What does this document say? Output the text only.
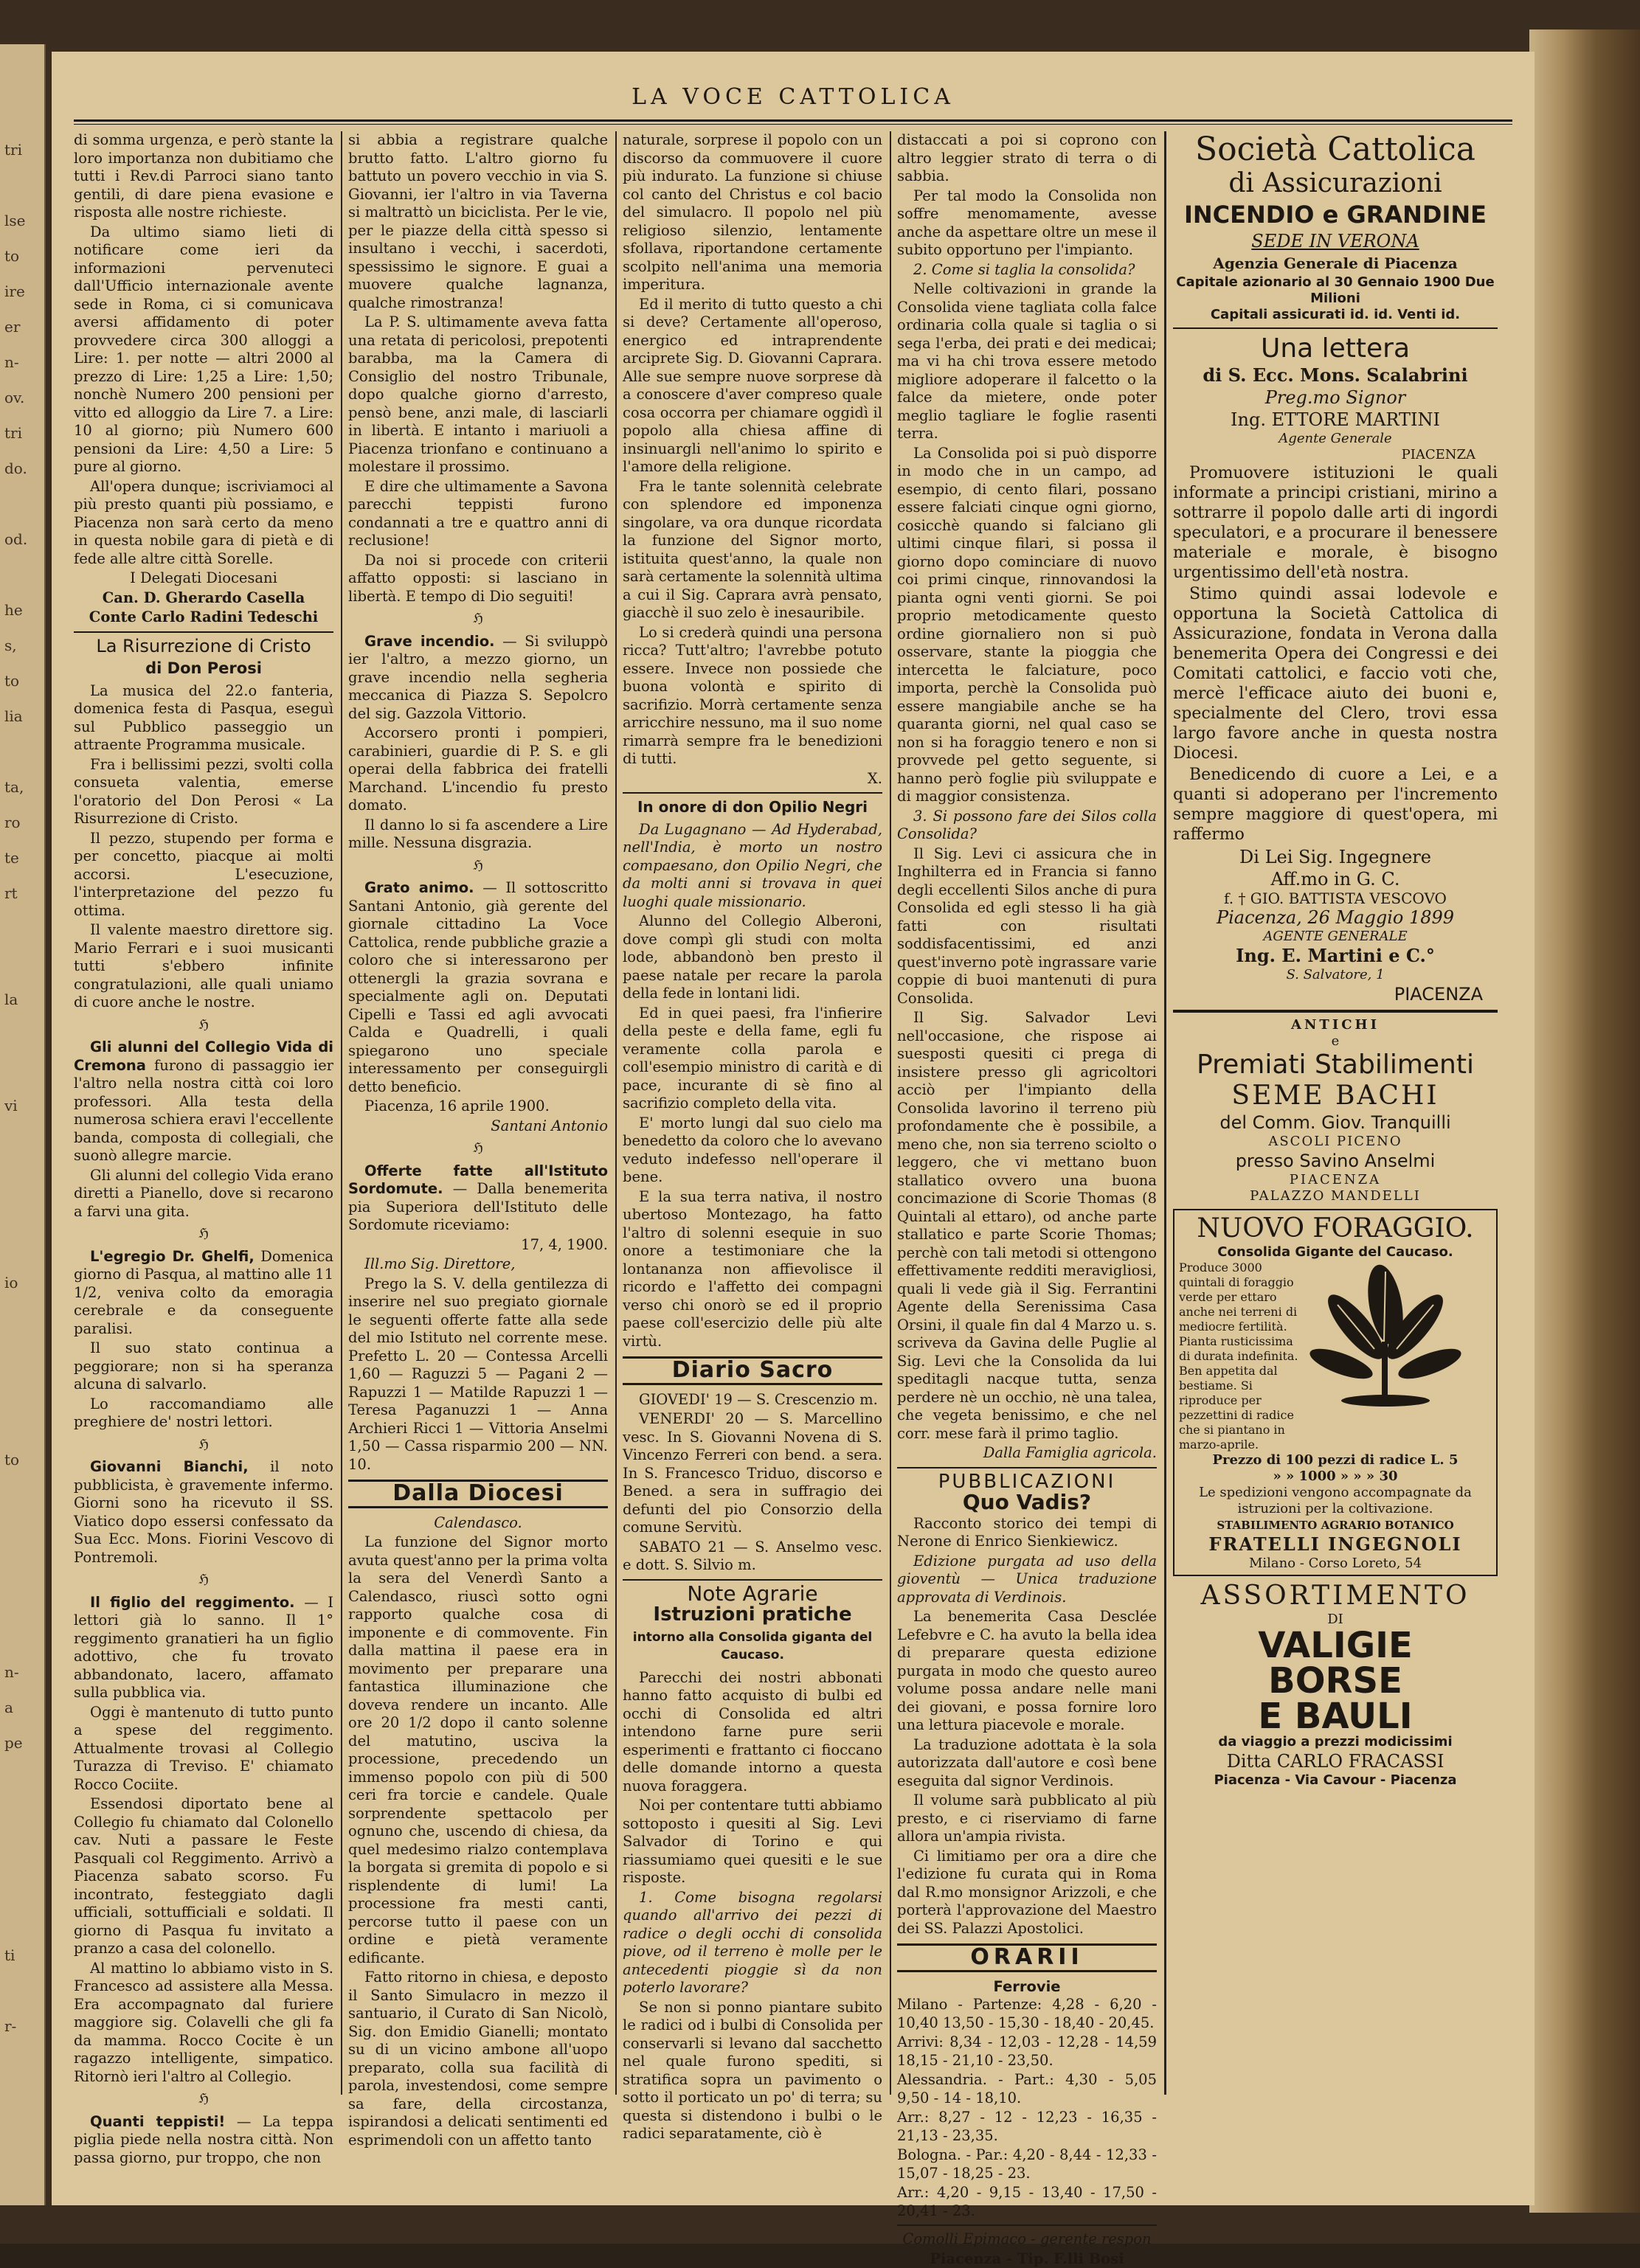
tri
lse
to
ire
er
n-
ov.
tri
do.
od.
he
s,
to
lia
ta,
ro
te
rt
la
vi
io
to
n-
a
pe
ti
r-
LA VOCE CATTOLICA

di somma urgenza, e però stante la loro importanza non dubitiamo che tutti i Rev.di Parroci siano tanto gentili, di dare piena evasione e risposta alle nostre richieste.

Da ultimo siamo lieti di notificare come ieri da informazioni pervenuteci dall'Ufficio internazionale avente sede in Roma, ci si comunicava aversi affidamento di poter provvedere circa 300 alloggi a Lire: 1. per notte — altri 2000 al prezzo di Lire: 1,25 a Lire: 1,50; nonchè Numero 200 pensioni per vitto ed alloggio da Lire 7. a Lire: 10 al giorno; più Numero 600 pensioni da Lire: 4,50 a Lire: 5 pure al giorno.

All'opera dunque; iscriviamoci al più presto quanti più possiamo, e Piacenza non sarà certo da meno in questa nobile gara di pietà e di fede alle altre città Sorelle.

I Delegati Diocesani

Can. D. Gherardo Casella

Conte Carlo Radini Tedeschi

La Risurrezione di Cristo
di Don Perosi

La musica del 22.o fanteria, domenica festa di Pasqua, eseguì sul Pubblico passeggio un attraente Programma musicale.

Fra i bellissimi pezzi, svolti colla consueta valentia, emerse l'oratorio del Don Perosi « La Risurrezione di Cristo.

Il pezzo, stupendo per forma e per concetto, piacque ai molti accorsi. L'esecuzione, l'interpretazione del pezzo fu ottima.

Il valente maestro direttore sig. Mario Ferrari e i suoi musicanti tutti s'ebbero infinite congratulazioni, alle quali uniamo di cuore anche le nostre.

ℌ

Gli alunni del Collegio Vida di Cremona furono di passaggio ier l'altro nella nostra città coi loro professori. Alla testa della numerosa schiera eravi l'eccellente banda, composta di collegiali, che suonò allegre marcie.

Gli alunni del collegio Vida erano diretti a Pianello, dove si recarono a farvi una gita.

ℌ

L'egregio Dr. Ghelfi, Domenica giorno di Pasqua, al mattino alle 11 1/2, veniva colto da emoragia cerebrale e da conseguente paralisi.

Il suo stato continua a peggiorare; non si ha speranza alcuna di salvarlo.

Lo raccomandiamo alle preghiere de' nostri lettori.

ℌ

Giovanni Bianchi, il noto pubblicista, è gravemente infermo. Giorni sono ha ricevuto il SS. Viatico dopo essersi confessato da Sua Ecc. Mons. Fiorini Vescovo di Pontremoli.

ℌ

Il figlio del reggimento. — I lettori già lo sanno. Il 1° reggimento granatieri ha un figlio adottivo, che fu trovato abbandonato, lacero, affamato sulla pubblica via.

Oggi è mantenuto di tutto punto a spese del reggimento. Attualmente trovasi al Collegio Turazza di Treviso. E' chiamato Rocco Cociite.

Essendosi diportato bene al Collegio fu chiamato dal Colonello cav. Nuti a passare le Feste Pasquali col Reggimento. Arrivò a Piacenza sabato scorso. Fu incontrato, festeggiato dagli ufficiali, sottufficiali e soldati. Il giorno di Pasqua fu invitato a pranzo a casa del colonello.

Al mattino lo abbiamo visto in S. Francesco ad assistere alla Messa. Era accompagnato dal furiere maggiore sig. Colavelli che gli fa da mamma. Rocco Cocite è un ragazzo intelligente, simpatico. Ritornò ieri l'altro al Collegio.

ℌ

Quanti teppisti! — La teppa piglia piede nella nostra città. Non passa giorno, pur troppo, che non

si abbia a registrare qualche brutto fatto. L'altro giorno fu battuto un povero vecchio in via S. Giovanni, ier l'altro in via Taverna si maltrattò un biciclista. Per le vie, per le piazze della città spesso si insultano i vecchi, i sacerdoti, spessissimo le signore. E guai a muovere qualche lagnanza, qualche rimostranza!

La P. S. ultimamente aveva fatta una retata di pericolosi, prepotenti barabba, ma la Camera di Consiglio del nostro Tribunale, dopo qualche giorno d'arresto, pensò bene, anzi male, di lasciarli in libertà. E intanto i mariuoli a Piacenza trionfano e continuano a molestare il prossimo.

E dire che ultimamente a Savona parecchi teppisti furono condannati a tre e quattro anni di reclusione!

Da noi si procede con criterii affatto opposti: si lasciano in libertà. E tempo di Dio seguiti!

ℌ

Grave incendio. — Si sviluppò ier l'altro, a mezzo giorno, un grave incendio nella segheria meccanica di Piazza S. Sepolcro del sig. Gazzola Vittorio.

Accorsero pronti i pompieri, carabinieri, guardie di P. S. e gli operai della fabbrica dei fratelli Marchand. L'incendio fu presto domato.

Il danno lo si fa ascendere a Lire mille. Nessuna disgrazia.

ℌ

Grato animo. — Il sottoscritto Santani Antonio, già gerente del giornale cittadino La Voce Cattolica, rende pubbliche grazie a coloro che si interessarono per ottenergli la grazia sovrana e specialmente agli on. Deputati Cipelli e Tassi ed agli avvocati Calda e Quadrelli, i quali spiegarono uno speciale interessamento per conseguirgli detto beneficio.

Piacenza, 16 aprile 1900.

Santani Antonio

ℌ

Offerte fatte all'Istituto Sordomute. — Dalla benemerita pia Superiora dell'Istituto delle Sordomute riceviamo:

17, 4, 1900.

Ill.mo Sig. Direttore,

Prego la S. V. della gentilezza di inserire nel suo pregiato giornale le seguenti offerte fatte alla sede del mio Istituto nel corrente mese. Prefetto L. 20 — Contessa Arcelli 1,60 — Raguzzi 5 — Pagani 2 — Rapuzzi 1 — Matilde Rapuzzi 1 — Teresa Paganuzzi 1 — Anna Archieri Ricci 1 — Vittoria Anselmi 1,50 — Cassa risparmio 200 — NN. 10.

Dalla Diocesi

Calendasco.

La funzione del Signor morto avuta quest'anno per la prima volta la sera del Venerdì Santo a Calendasco, riuscì sotto ogni rapporto qualche cosa di imponente e di commovente. Fin dalla mattina il paese era in movimento per preparare una fantastica illuminazione che doveva rendere un incanto. Alle ore 20 1/2 dopo il canto solenne del matutino, usciva la processione, precedendo un immenso popolo con più di 500 ceri fra torcie e candele. Quale sorprendente spettacolo per ognuno che, uscendo di chiesa, da quel medesimo rialzo contemplava la borgata si gremita di popolo e si risplendente di lumi! La processione fra mesti canti, percorse tutto il paese con un ordine e pietà veramente edificante.

Fatto ritorno in chiesa, e deposto il Santo Simulacro in mezzo il santuario, il Curato di San Nicolò, Sig. don Emidio Gianelli; montato su di un vicino ambone all'uopo preparato, colla sua facilità di parola, investendosi, come sempre sa fare, della circostanza, ispirandosi a delicati sentimenti ed esprimendoli con un affetto tanto

naturale, sorprese il popolo con un discorso da commuovere il cuore più indurato. La funzione si chiuse col canto del Christus e col bacio del simulacro. Il popolo nel più religioso silenzio, lentamente sfollava, riportandone certamente scolpito nell'anima una memoria imperitura.

Ed il merito di tutto questo a chi si deve? Certamente all'operoso, energico ed intraprendente arciprete Sig. D. Giovanni Caprara. Alle sue sempre nuove sorprese dà a conoscere d'aver compreso quale cosa occorra per chiamare oggidì il popolo alla chiesa affine di insinuargli nell'animo lo spirito e l'amore della religione.

Fra le tante solennità celebrate con splendore ed imponenza singolare, va ora dunque ricordata la funzione del Signor morto, istituita quest'anno, la quale non sarà certamente la solennità ultima a cui il Sig. Caprara avrà pensato, giacchè il suo zelo è inesauribile.

Lo si crederà quindi una persona ricca? Tutt'altro; l'avrebbe potuto essere. Invece non possiede che buona volontà e spirito di sacrifizio. Morrà certamente senza arricchire nessuno, ma il suo nome rimarrà sempre fra le benedizioni di tutti.

X.

In onore di don Opilio Negri

Da Lugagnano — Ad Hyderabad, nell'India, è morto un nostro compaesano, don Opilio Negri, che da molti anni si trovava in quei luoghi quale missionario.

Alunno del Collegio Alberoni, dove compì gli studi con molta lode, abbandonò ben presto il paese natale per recare la parola della fede in lontani lidi.

Ed in quei paesi, fra l'infierire della peste e della fame, egli fu veramente colla parola e coll'esempio ministro di carità e di pace, incurante di sè fino al sacrifizio completo della vita.

E' morto lungi dal suo cielo ma benedetto da coloro che lo avevano veduto indefesso nell'operare il bene.

E la sua terra nativa, il nostro ubertoso Montezago, ha fatto l'altro di solenni esequie in suo onore a testimoniare che la lontananza non affievolisce il ricordo e l'affetto dei compagni verso chi onorò se ed il proprio paese coll'esercizio delle più alte virtù.

Diario Sacro

GIOVEDI' 19 — S. Crescenzio m.

VENERDI' 20 — S. Marcellino vesc. In S. Giovanni Novena di S. Vincenzo Ferreri con bend. a sera. In S. Francesco Triduo, discorso e Bened. a sera in suffragio dei defunti del pio Consorzio della comune Servitù.

SABATO 21 — S. Anselmo vesc. e dott. S. Silvio m.

Note Agrarie
Istruzioni pratiche
intorno alla Consolida giganta del Caucaso.

Parecchi dei nostri abbonati hanno fatto acquisto di bulbi ed occhi di Consolida ed altri intendono farne pure serii esperimenti e frattanto ci fioccano delle domande intorno a questa nuova foraggera.

Noi per contentare tutti abbiamo sottoposto i quesiti al Sig. Levi Salvador di Torino e qui riassumiamo quei quesiti e le sue risposte.

1. Come bisogna regolarsi quando all'arrivo dei pezzi di radice o degli occhi di consolida piove, od il terreno è molle per le antecedenti pioggie sì da non poterlo lavorare?

Se non si ponno piantare subito le radici od i bulbi di Consolida per conservarli si levano dal sacchetto nel quale furono spediti, si stratifica sopra un pavimento o sotto il porticato un po' di terra; su questa si distendono i bulbi o le radici separatamente, ciò è

distaccati a poi si coprono con altro leggier strato di terra o di sabbia.

Per tal modo la Consolida non soffre menomamente, avesse anche da aspettare oltre un mese il subito opportuno per l'impianto.

2. Come si taglia la consolida?

Nelle coltivazioni in grande la Consolida viene tagliata colla falce ordinaria colla quale si taglia o si sega l'erba, dei prati e dei medicai; ma vi ha chi trova essere metodo migliore adoperare il falcetto o la falce da mietere, onde poter meglio tagliare le foglie rasenti terra.

La Consolida poi si può disporre in modo che in un campo, ad esempio, di cento filari, possano essere falciati cinque ogni giorno, cosicchè quando si falciano gli ultimi cinque filari, si possa il giorno dopo cominciare di nuovo coi primi cinque, rinnovandosi la pianta ogni venti giorni. Se poi proprio metodicamente questo ordine giornaliero non si può osservare, stante la pioggia che intercetta le falciature, poco importa, perchè la Consolida può essere mangiabile anche se ha quaranta giorni, nel qual caso se non si ha foraggio tenero e non si provvede pel getto seguente, si hanno però foglie più sviluppate e di maggior consistenza.

3. Si possono fare dei Silos colla Consolida?

Il Sig. Levi ci assicura che in Inghilterra ed in Francia si fanno degli eccellenti Silos anche di pura Consolida ed egli stesso li ha già fatti con risultati soddisfacentissimi, ed anzi quest'inverno potè ingrassare varie coppie di buoi mantenuti di pura Consolida.

Il Sig. Salvador Levi nell'occasione, che rispose ai suesposti quesiti ci prega di insistere presso gli agricoltori acciò per l'impianto della Consolida lavorino il terreno più profondamente che è possibile, a meno che, non sia terreno sciolto o leggero, che vi mettano buon stallatico ovvero una buona concimazione di Scorie Thomas (8 Quintali al ettaro), od anche parte stallatico e parte Scorie Thomas; perchè con tali metodi si ottengono effettivamente redditi meravigliosi, quali li vede già il Sig. Ferrantini Agente della Serenissima Casa Orsini, il quale fin dal 4 Marzo u. s. scriveva da Gavina delle Puglie al Sig. Levi che la Consolida da lui speditagli nacque tutta, senza perdere nè un occhio, nè una talea, che vegeta benissimo, e che nel corr. mese farà il primo taglio.

Dalla Famiglia agricola.

PUBBLICAZIONI
Quo Vadis?

Racconto storico dei tempi di Nerone di Enrico Sienkiewicz.

Edizione purgata ad uso della gioventù — Unica traduzione approvata di Verdinois.

La benemerita Casa Desclée Lefebvre e C. ha avuto la bella idea di preparare questa edizione purgata in modo che questo aureo volume possa andare nelle mani dei giovani, e possa fornire loro una lettura piacevole e morale.

La traduzione adottata è la sola autorizzata dall'autore e così bene eseguita dal signor Verdinois.

Il volume sarà pubblicato al più presto, e ci riserviamo di farne allora un'ampia rivista.

Ci limitiamo per ora a dire che l'edizione fu curata qui in Roma dal R.mo monsignor Arizzoli, e che porterà l'approvazione del Maestro dei SS. Palazzi Apostolici.

ORARII
Ferrovie

Milano - Partenze: 4,28 - 6,20 - 10,40 13,50 - 15,30 - 18,40 - 20,45.

Arrivi: 8,34 - 12,03 - 12,28 - 14,59 18,15 - 21,10 - 23,50.

Alessandria. - Part.: 4,30 - 5,05 9,50 - 14 - 18,10.

Arr.: 8,27 - 12 - 12,23 - 16,35 - 21,13 - 23,35.

Bologna. - Par.: 4,20 - 8,44 - 12,33 - 15,07 - 18,25 - 23.

Arr.: 4,20 - 9,15 - 13,40 - 17,50 - 20,41 - 23.

Comolli Epimaco - gerente respon

Piacenza - Tip. F.lli Bosi

Società Cattolica
di Assicurazioni
INCENDIO e GRANDINE
SEDE IN VERONA
Agenzia Generale di Piacenza
Capitale azionario al 30 Gennaio 1900 Due Milioni
Capitali assicurati id. id. Venti id.
Una lettera
di S. Ecc. Mons. Scalabrini
Preg.mo Signor
Ing. ETTORE MARTINI
Agente Generale
PIACENZA

Promuovere istituzioni le quali informate a principi cristiani, mirino a sottrarre il popolo dalle arti di ingordi speculatori, e a procurare il benessere materiale e morale, è bisogno urgentissimo dell'età nostra.

Stimo quindi assai lodevole e opportuna la Società Cattolica di Assicurazione, fondata in Verona dalla benemerita Opera dei Congressi e dei Comitati cattolici, e faccio voti che, mercè l'efficace aiuto dei buoni e, specialmente del Clero, trovi essa largo favore anche in questa nostra Diocesi.

Benedicendo di cuore a Lei, e a quanti si adoperano per l'incremento sempre maggiore di quest'opera, mi raffermo

Di Lei Sig. Ingegnere
Aff.mo in G. C.
f. † GIO. BATTISTA VESCOVO
Piacenza, 26 Maggio 1899
AGENTE GENERALE
Ing. E. Martini e C.°
S. Salvatore, 1
PIACENZA
ANTICHI
e
Premiati Stabilimenti
SEME BACHI
del Comm. Giov. Tranquilli
ASCOLI PICENO
presso Savino Anselmi
PIACENZA
PALAZZO MANDELLI
NUOVO FORAGGIO.
Consolida Gigante del Caucaso.
Produce 3000 quintali di foraggio verde per ettaro anche nei terreni di mediocre fertilità. Pianta rusticissima di durata indefinita. Ben appetita dal bestiame. Si riproduce per pezzettini di radice che si piantano in marzo-aprile.
Prezzo di 100 pezzi di radice L. 5
» » 1000 » » » 30
Le spedizioni vengono accompagnate da istruzioni per la coltivazione.
STABILIMENTO AGRARIO BOTANICO
FRATELLI INGEGNOLI
Milano - Corso Loreto, 54
ASSORTIMENTO
DI
VALIGIE
BORSE
E BAULI
da viaggio a prezzi modicissimi
Ditta CARLO FRACASSI
Piacenza - Via Cavour - Piacenza
